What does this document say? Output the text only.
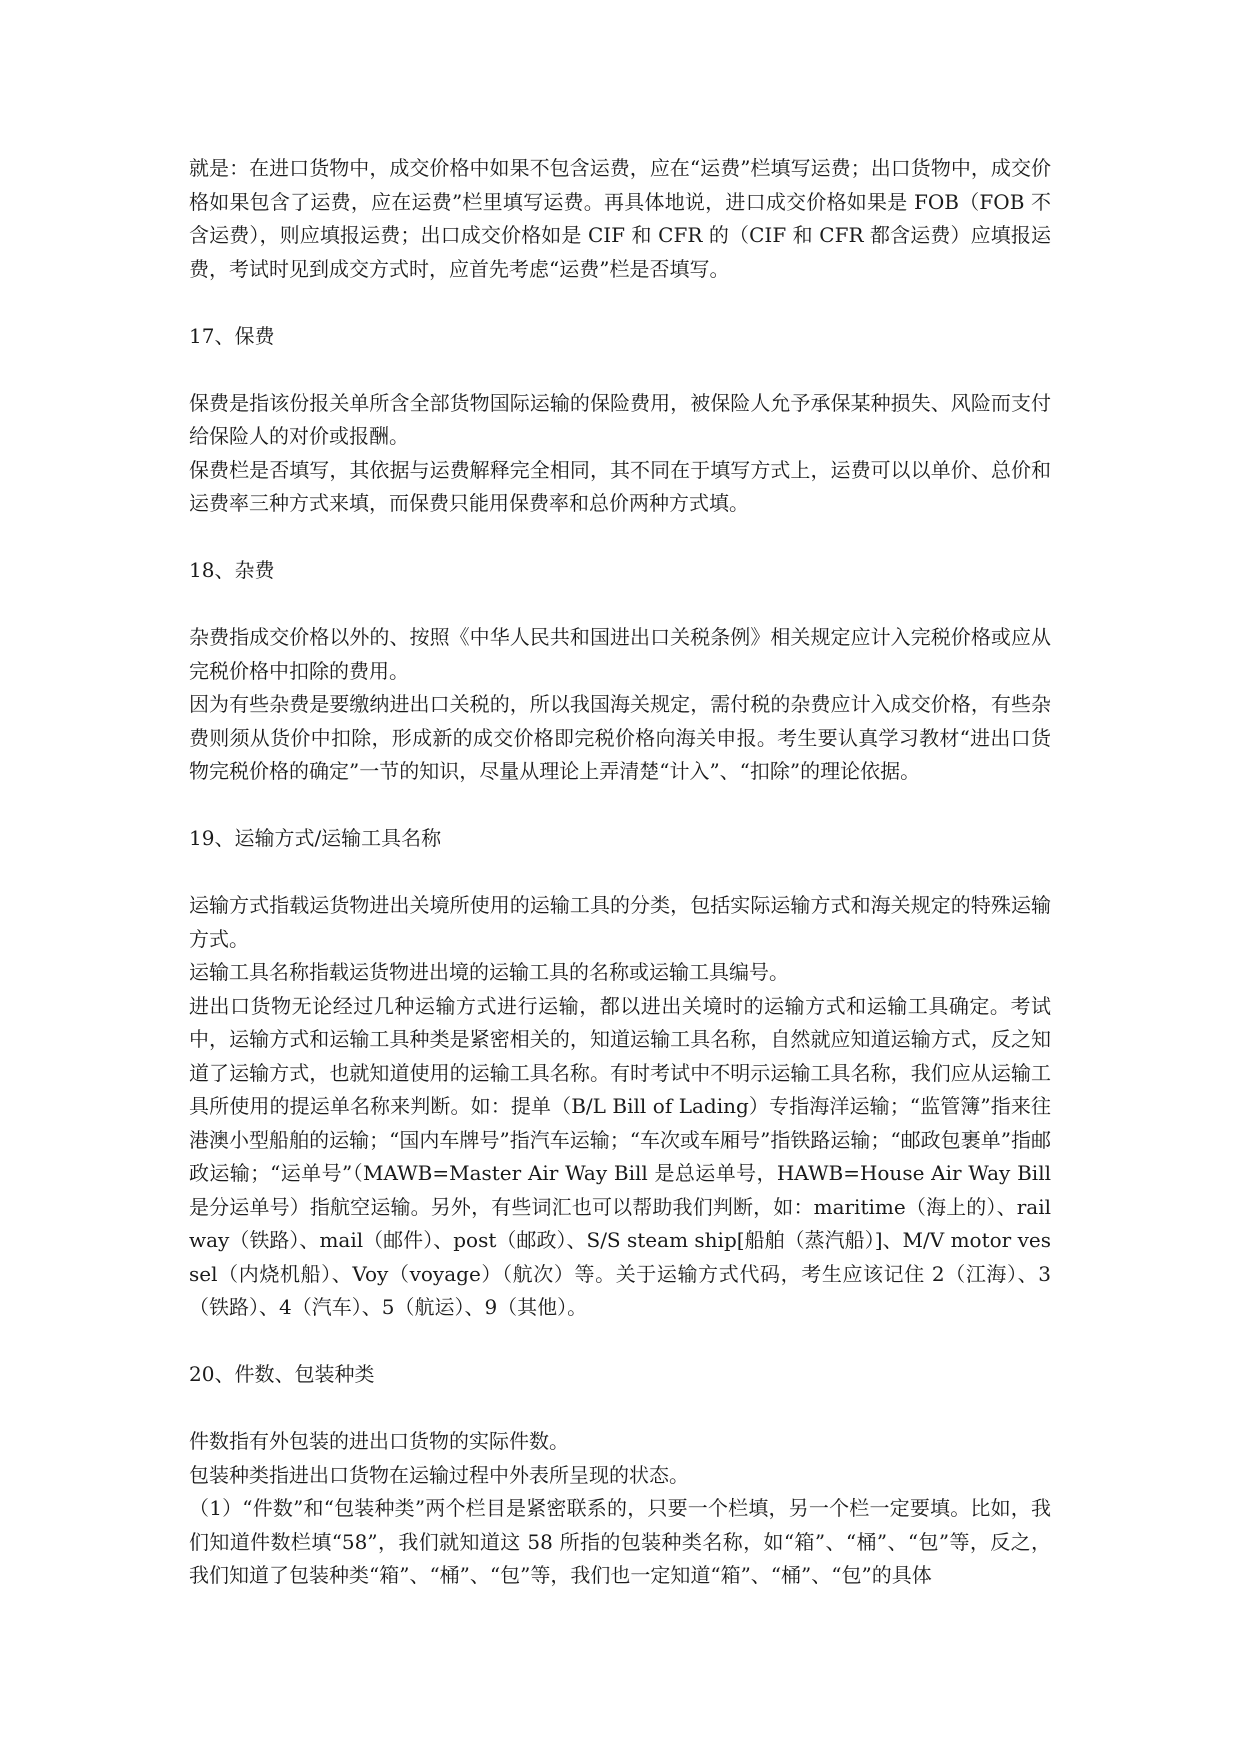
就是：在进口货物中，成交价格中如果不包含运费，应在“运费”栏填写运费；出口货物中，成交价格如果包含了运费，应在运费”栏里填写运费。再具体地说，进口成交价格如果是 FOB（FOB 不含运费），则应填报运费；出口成交价格如是 CIF 和 CFR 的（CIF 和 CFR 都含运费）应填报运费，考试时见到成交方式时，应首先考虑“运费”栏是否填写。

17、保费

保费是指该份报关单所含全部货物国际运输的保险费用，被保险人允予承保某种损失、风险而支付给保险人的对价或报酬。

保费栏是否填写，其依据与运费解释完全相同，其不同在于填写方式上，运费可以以单价、总价和运费率三种方式来填，而保费只能用保费率和总价两种方式填。

18、杂费

杂费指成交价格以外的、按照《中华人民共和国进出口关税条例》相关规定应计入完税价格或应从完税价格中扣除的费用。

因为有些杂费是要缴纳进出口关税的，所以我国海关规定，需付税的杂费应计入成交价格，有些杂费则须从货价中扣除，形成新的成交价格即完税价格向海关申报。考生要认真学习教材“进出口货物完税价格的确定”一节的知识，尽量从理论上弄清楚“计入”、“扣除”的理论依据。

19、运输方式/运输工具名称

运输方式指载运货物进出关境所使用的运输工具的分类，包括实际运输方式和海关规定的特殊运输方式。

运输工具名称指载运货物进出境的运输工具的名称或运输工具编号。

进出口货物无论经过几种运输方式进行运输，都以进出关境时的运输方式和运输工具确定。考试中，运输方式和运输工具种类是紧密相关的，知道运输工具名称，自然就应知道运输方式，反之知道了运输方式，也就知道使用的运输工具名称。有时考试中不明示运输工具名称，我们应从运输工具所使用的提运单名称来判断。如：提单（B/L Bill of Lading）专指海洋运输；“监管簿”指来往港澳小型船舶的运输；“国内车牌号”指汽车运输；“车次或车厢号”指铁路运输；“邮政包裹单”指邮政运输；“运单号”（MAWB=Master Air Way Bill 是总运单号，HAWB=House Air Way Bill 是分运单号）指航空运输。另外，有些词汇也可以帮助我们判断，如：maritime（海上的）、railway（铁路）、mail（邮件）、post（邮政）、S/S steam ship[船舶（蒸汽船）]、M/V motor vessel（内烧机船）、Voy（voyage）（航次）等。关于运输方式代码，考生应该记住 2（江海）、3（铁路）、4（汽车）、5（航运）、9（其他）。

20、件数、包装种类

件数指有外包装的进出口货物的实际件数。

包装种类指进出口货物在运输过程中外表所呈现的状态。

（1）“件数”和“包装种类”两个栏目是紧密联系的，只要一个栏填，另一个栏一定要填。比如，我们知道件数栏填“58”，我们就知道这 58 所指的包装种类名称，如“箱”、“桶”、“包”等，反之，我们知道了包装种类“箱”、“桶”、“包”等，我们也一定知道“箱”、“桶”、“包”的具体
